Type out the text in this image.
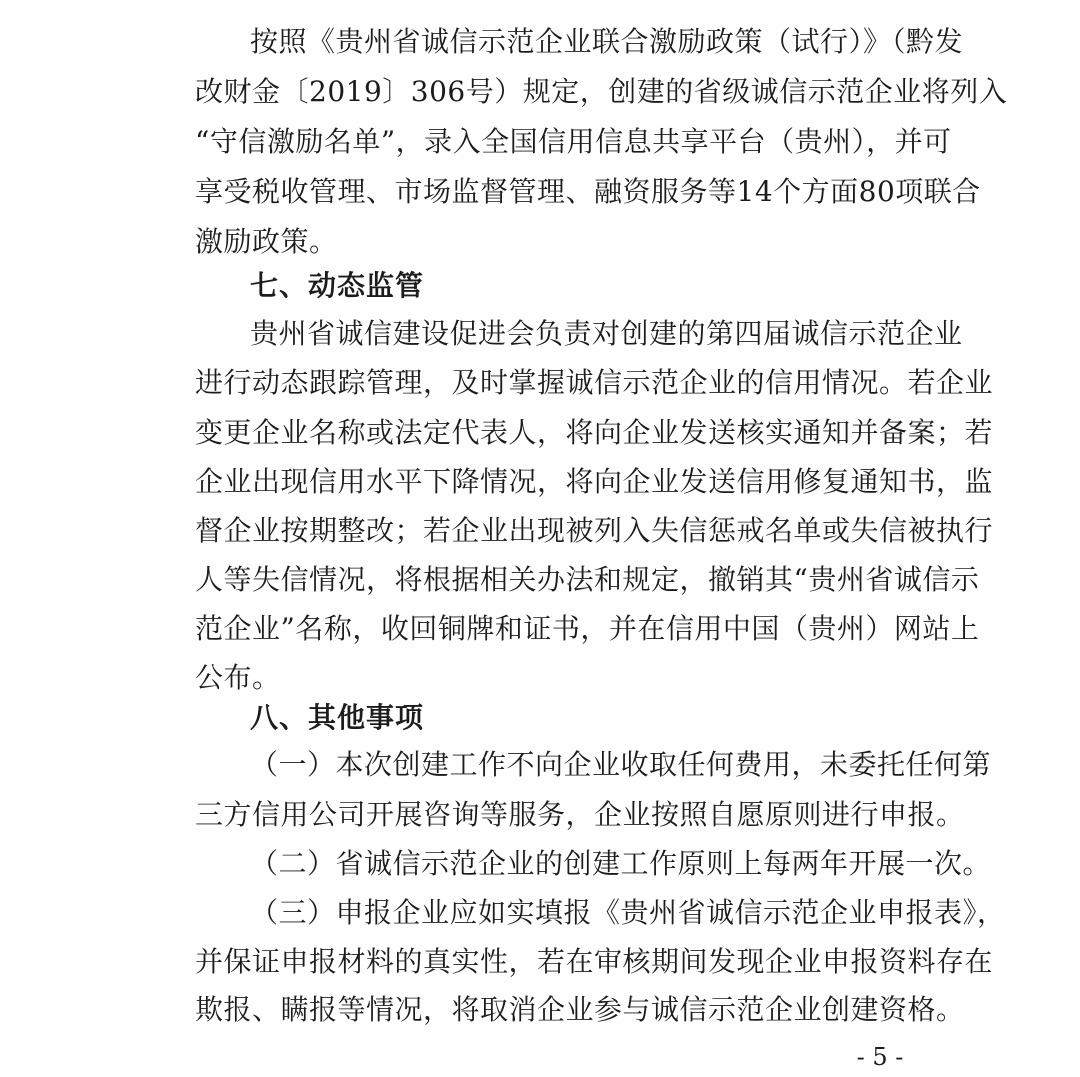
按照《贵州省诚信示范企业联合激励政策（试行）》（黔发
改财金〔2019〕306号）规定，创建的省级诚信示范企业将列入
“守信激励名单”，录入全国信用信息共享平台（贵州），并可
享受税收管理、市场监督管理、融资服务等14个方面80项联合
激励政策。
七、动态监管
贵州省诚信建设促进会负责对创建的第四届诚信示范企业
进行动态跟踪管理，及时掌握诚信示范企业的信用情况。若企业
变更企业名称或法定代表人，将向企业发送核实通知并备案；若
企业出现信用水平下降情况，将向企业发送信用修复通知书，监
督企业按期整改；若企业出现被列入失信惩戒名单或失信被执行
人等失信情况，将根据相关办法和规定，撤销其“贵州省诚信示
范企业”名称，收回铜牌和证书，并在信用中国（贵州）网站上
公布。
八、其他事项
（一）本次创建工作不向企业收取任何费用，未委托任何第
三方信用公司开展咨询等服务，企业按照自愿原则进行申报。
（二）省诚信示范企业的创建工作原则上每两年开展一次。
（三）申报企业应如实填报《贵州省诚信示范企业申报表》，
并保证申报材料的真实性，若在审核期间发现企业申报资料存在
欺报、瞒报等情况，将取消企业参与诚信示范企业创建资格。
- 5 -
